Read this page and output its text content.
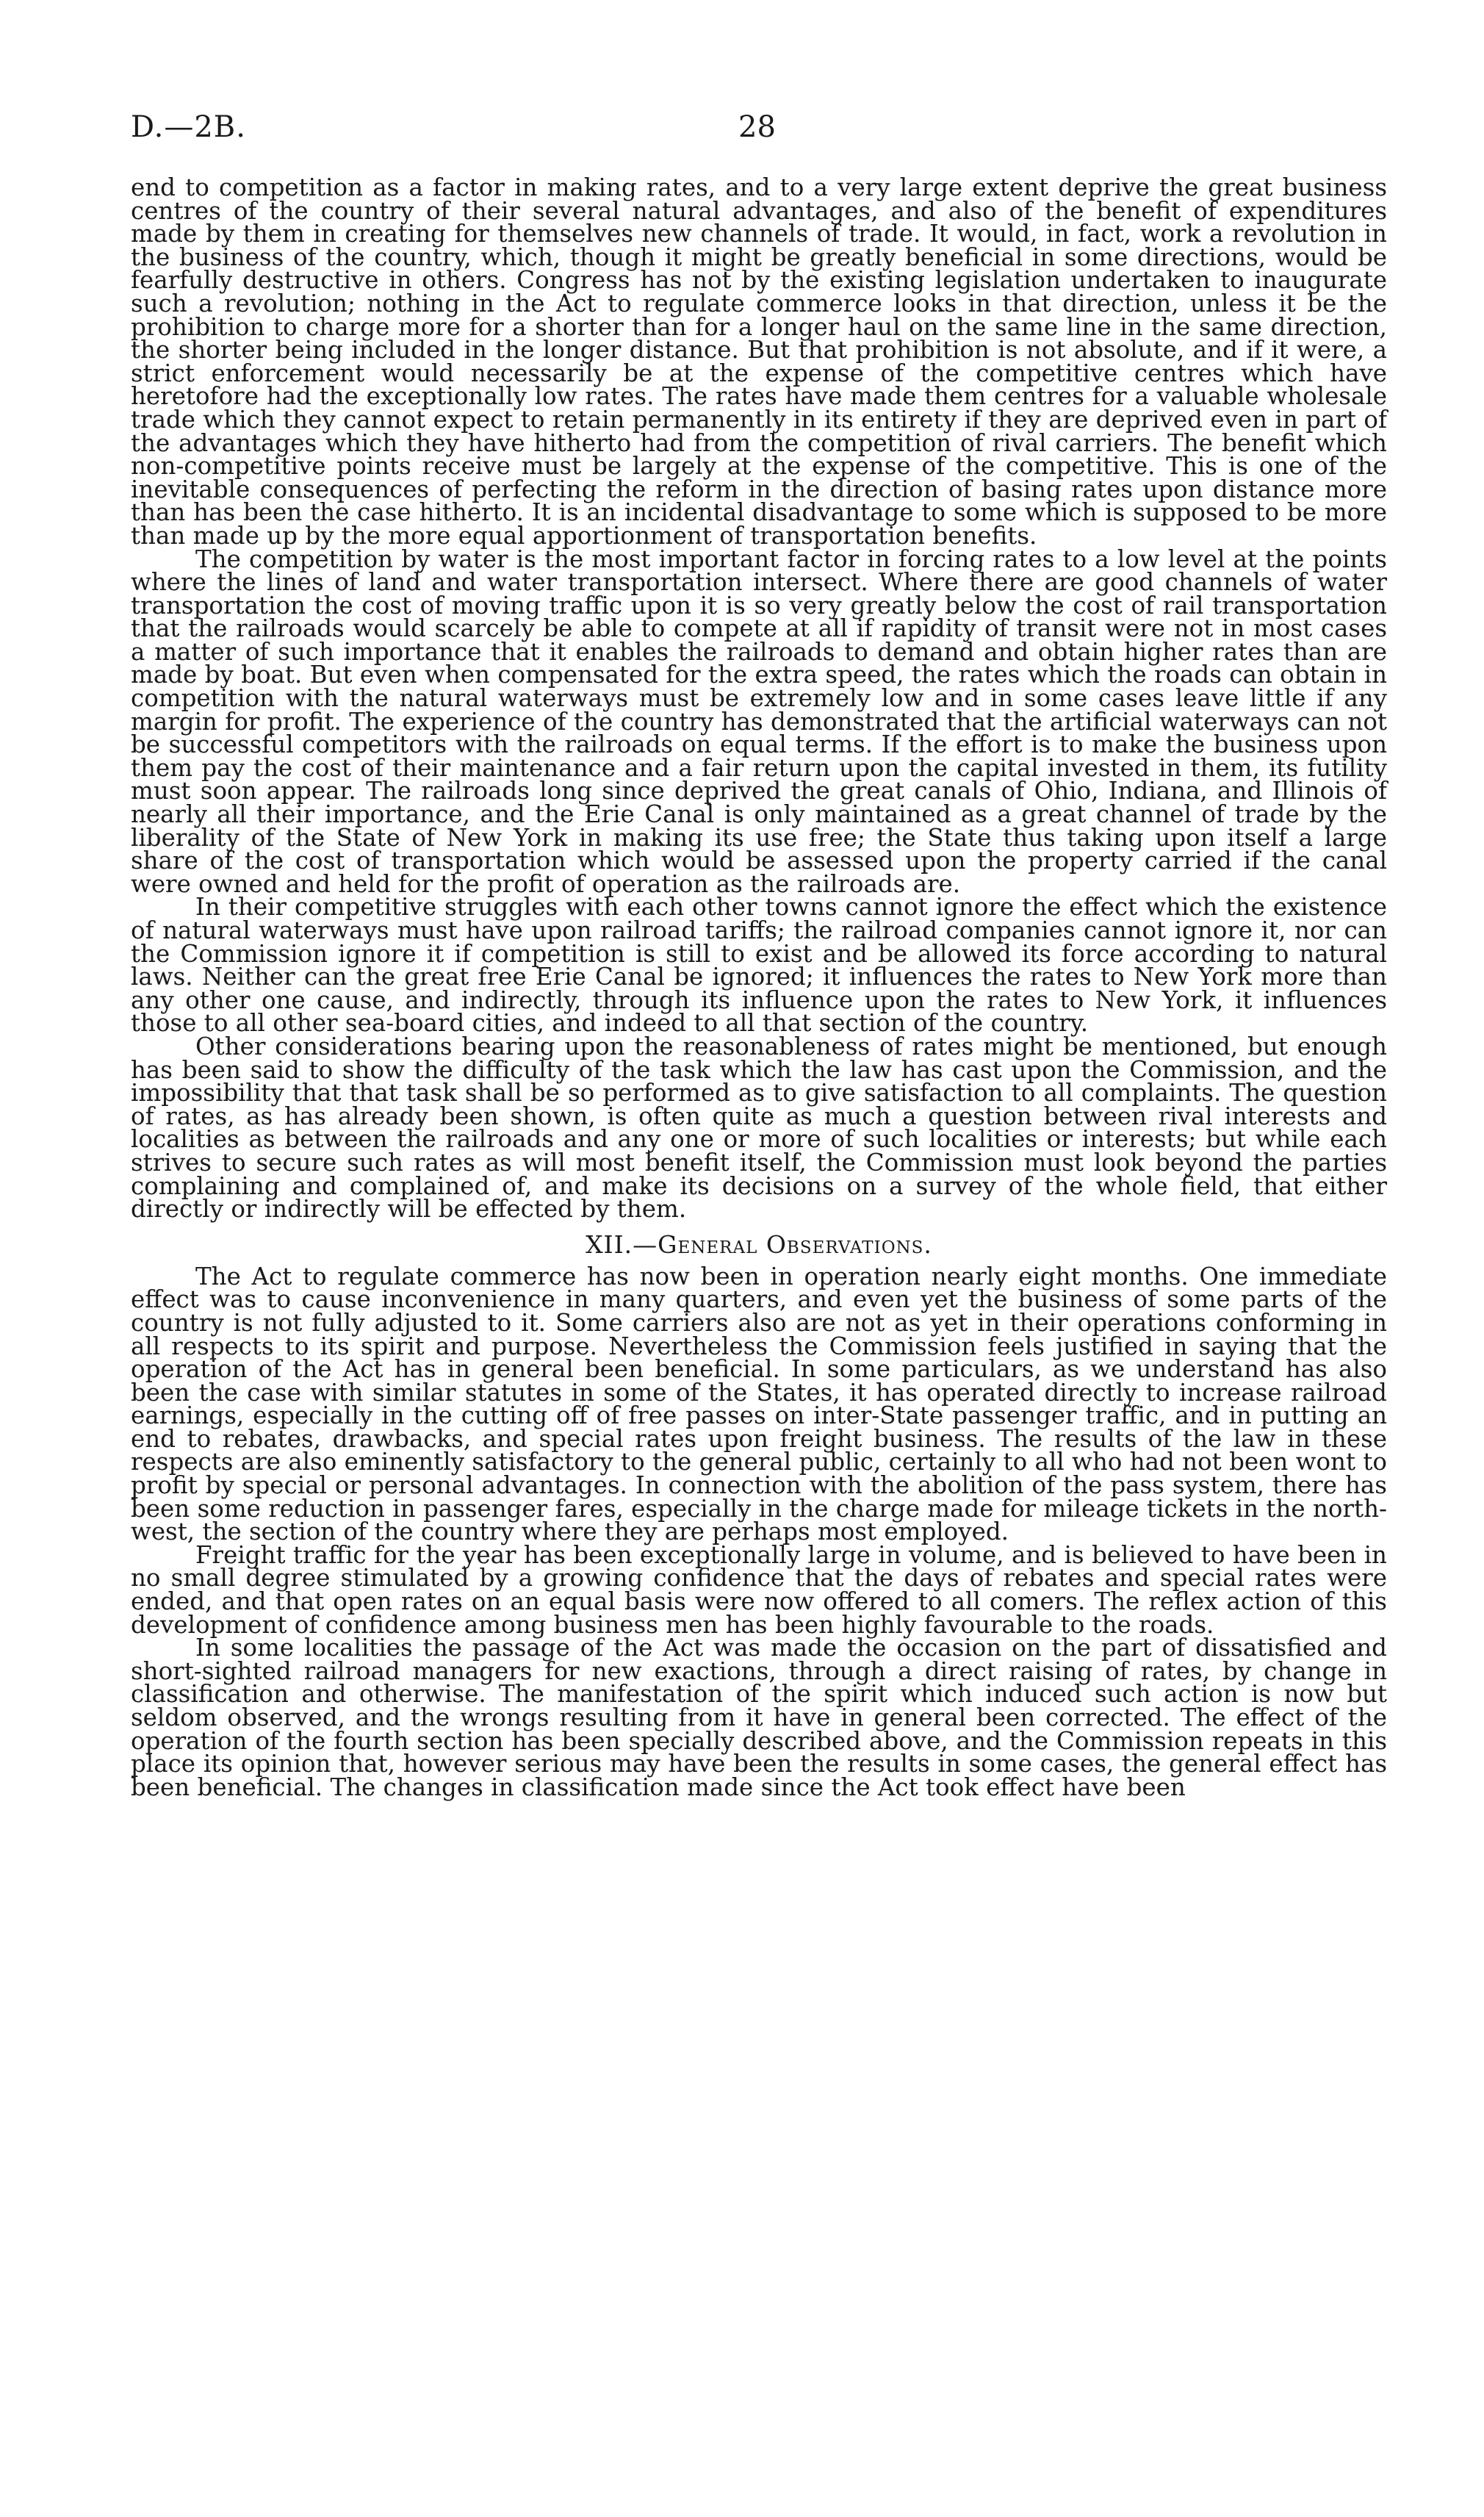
D.—2B.	28

end to competition as a factor in making rates, and to a very large extent deprive the great business centres of the country of their several natural advantages, and also of the benefit of expenditures made by them in creating for themselves new channels of trade. It would, in fact, work a revolution in the business of the country, which, though it might be greatly beneficial in some directions, would be fearfully destructive in others. Congress has not by the existing legislation undertaken to inaugurate such a revolution; nothing in the Act to regulate commerce looks in that direction, unless it be the prohibition to charge more for a shorter than for a longer haul on the same line in the same direction, the shorter being included in the longer distance. But that prohibition is not absolute, and if it were, a strict enforcement would necessarily be at the expense of the competitive centres which have heretofore had the exceptionally low rates. The rates have made them centres for a valuable wholesale trade which they cannot expect to retain permanently in its entirety if they are deprived even in part of the advantages which they have hitherto had from the competition of rival carriers. The benefit which non-competitive points receive must be largely at the expense of the competitive. This is one of the inevitable consequences of perfecting the reform in the direction of basing rates upon distance more than has been the case hitherto. It is an incidental disadvantage to some which is supposed to be more than made up by the more equal apportionment of transportation benefits.

The competition by water is the most important factor in forcing rates to a low level at the points where the lines of land and water transportation intersect. Where there are good channels of water transportation the cost of moving traffic upon it is so very greatly below the cost of rail transportation that the railroads would scarcely be able to compete at all if rapidity of transit were not in most cases a matter of such importance that it enables the railroads to demand and obtain higher rates than are made by boat. But even when compensated for the extra speed, the rates which the roads can obtain in competition with the natural waterways must be extremely low and in some cases leave little if any margin for profit. The experience of the country has demonstrated that the artificial waterways can not be successful competitors with the railroads on equal terms. If the effort is to make the business upon them pay the cost of their maintenance and a fair return upon the capital invested in them, its futility must soon appear. The railroads long since deprived the great canals of Ohio, Indiana, and Illinois of nearly all their importance, and the Erie Canal is only maintained as a great channel of trade by the liberality of the State of New York in making its use free; the State thus taking upon itself a large share of the cost of transportation which would be assessed upon the property carried if the canal were owned and held for the profit of operation as the railroads are.

In their competitive struggles with each other towns cannot ignore the effect which the existence of natural waterways must have upon railroad tariffs; the railroad companies cannot ignore it, nor can the Commission ignore it if competition is still to exist and be allowed its force according to natural laws. Neither can the great free Erie Canal be ignored; it influences the rates to New York more than any other one cause, and indirectly, through its influence upon the rates to New York, it influences those to all other sea-board cities, and indeed to all that section of the country.

Other considerations bearing upon the reasonableness of rates might be mentioned, but enough has been said to show the difficulty of the task which the law has cast upon the Commission, and the impossibility that that task shall be so performed as to give satisfaction to all complaints. The question of rates, as has already been shown, is often quite as much a question between rival interests and localities as between the railroads and any one or more of such localities or interests; but while each strives to secure such rates as will most benefit itself, the Commission must look beyond the parties complaining and complained of, and make its decisions on a survey of the whole field, that either directly or indirectly will be effected by them.

XII.—General Observations.

The Act to regulate commerce has now been in operation nearly eight months. One immediate effect was to cause inconvenience in many quarters, and even yet the business of some parts of the country is not fully adjusted to it. Some carriers also are not as yet in their operations conforming in all respects to its spirit and purpose. Nevertheless the Commission feels justified in saying that the operation of the Act has in general been beneficial. In some particulars, as we understand has also been the case with similar statutes in some of the States, it has operated directly to increase railroad earnings, especially in the cutting off of free passes on inter-State passenger traffic, and in putting an end to rebates, drawbacks, and special rates upon freight business. The results of the law in these respects are also eminently satisfactory to the general public, certainly to all who had not been wont to profit by special or personal advantages. In connection with the abolition of the pass system, there has been some reduction in passenger fares, especially in the charge made for mileage tickets in the north-west, the section of the country where they are perhaps most employed.

Freight traffic for the year has been exceptionally large in volume, and is believed to have been in no small degree stimulated by a growing confidence that the days of rebates and special rates were ended, and that open rates on an equal basis were now offered to all comers. The reflex action of this development of confidence among business men has been highly favourable to the roads.

In some localities the passage of the Act was made the occasion on the part of dissatisfied and short-sighted railroad managers for new exactions, through a direct raising of rates, by change in classification and otherwise. The manifestation of the spirit which induced such action is now but seldom observed, and the wrongs resulting from it have in general been corrected. The effect of the operation of the fourth section has been specially described above, and the Commission repeats in this place its opinion that, however serious may have been the results in some cases, the general effect has been beneficial. The changes in classification made since the Act took effect have been
